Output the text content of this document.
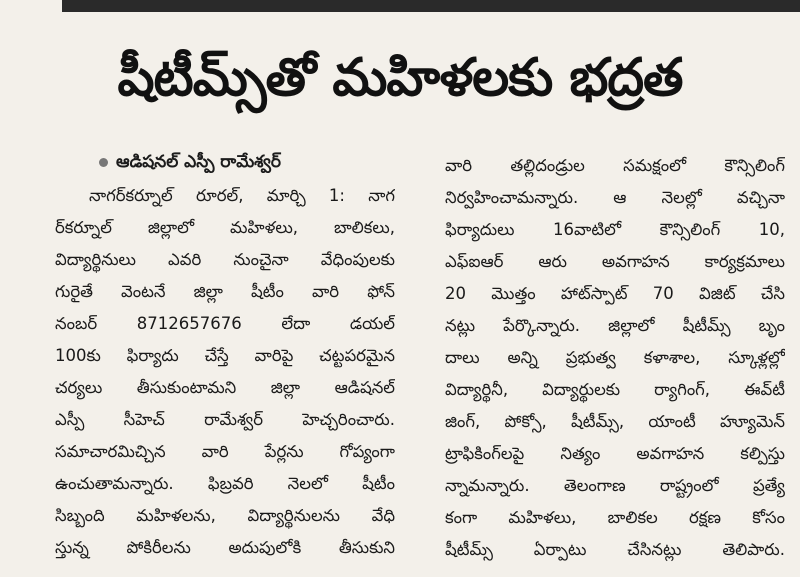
షీటీమ్స్‌తో మహిళలకు భద్రత
ఆడిషనల్ ఎస్పీ రామేశ్వర్
నాగర్‌కర్నూల్ రూరల్, మార్చి 1: నాగ
ర్‌కర్నూల్ జిల్లాలో మహిళలు, బాలికలు,
విద్యార్థినులు ఎవరి నుంచైనా వేధింపులకు
గురైతే వెంటనే జిల్లా షీటీం వారి ఫోన్
నంబర్ 8712657676 లేదా డయల్
100కు ఫిర్యాదు చేస్తే వారిపై చట్టపరమైన
చర్యలు తీసుకుంటామని జిల్లా ఆడిషనల్
ఎస్పీ సీహెచ్ రామేశ్వర్ హెచ్చరించారు.
సమాచారమిచ్చిన వారి పేర్లను గోప్యంగా
ఉంచుతామన్నారు. ఫిబ్రవరి నెలలో షీటీం
సిబ్బంది మహిళలను, విద్యార్థినులను వేధి
స్తున్న పోకిరీలను అదుపులోకి తీసుకుని
వారి తల్లిదండ్రుల సమక్షంలో కౌన్సిలింగ్
నిర్వహించామన్నారు. ఆ నెలల్లో వచ్చినా
ఫిర్యాదులు 16వాటిలో కౌన్సిలింగ్ 10,
ఎఫ్ఐఆర్ ఆరు అవగాహన కార్యక్రమాలు
20 మొత్తం హాట్‌స్పాట్ 70 విజిట్ చేసి
నట్లు పేర్కొన్నారు. జిల్లాలో షీటీమ్స్ బృం
దాలు అన్ని ప్రభుత్వ కళాశాల, స్కూళ్లల్లో
విద్యార్థినీ, విద్యార్థులకు ర్యాగింగ్, ఈవ్‌టీ
జింగ్, పోక్సో, షీటీమ్స్, యాంటీ హ్యూమెన్
ట్రాఫికింగ్‌లపై నిత్యం అవగాహన కల్పిస్తు
న్నామన్నారు. తెలంగాణ రాష్ట్రంలో ప్రత్యే
కంగా మహిళలు, బాలికల రక్షణ కోసం
షీటీమ్స్ ఏర్పాటు చేసినట్లు తెలిపారు.
